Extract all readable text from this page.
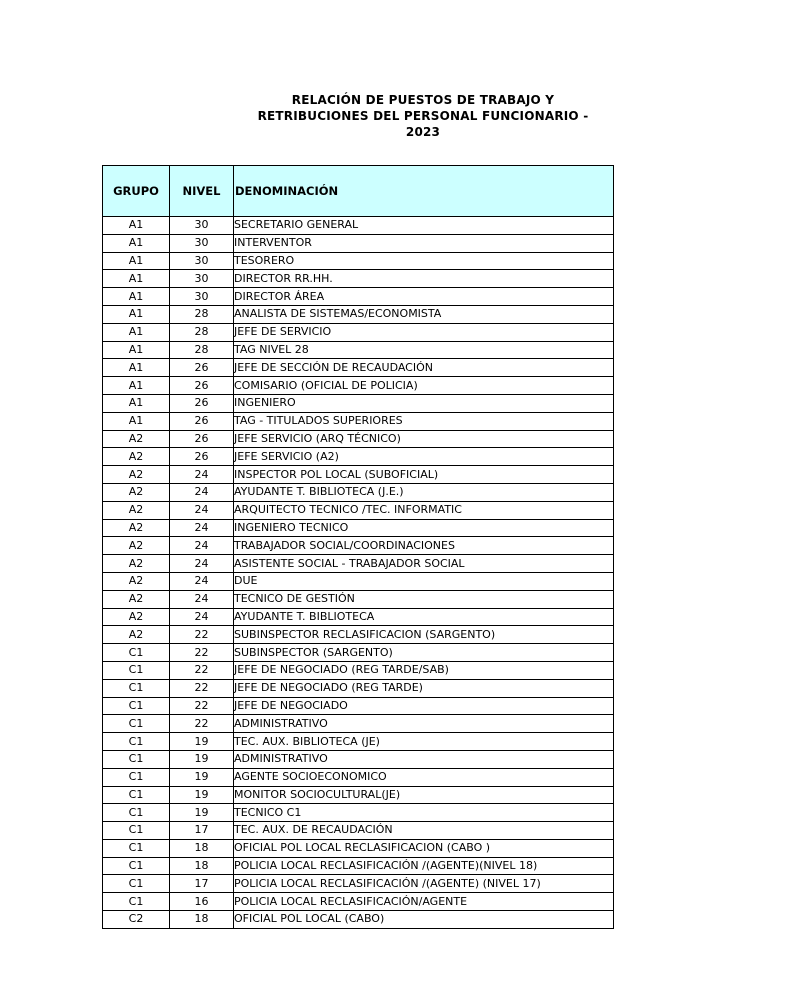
RELACIÓN DE PUESTOS DE TRABAJO Y
RETRIBUCIONES DEL PERSONAL FUNCIONARIO -
2023
GRUPO	NIVEL	DENOMINACIÓN
A1	30	SECRETARIO GENERAL
A1	30	INTERVENTOR
A1	30	TESORERO
A1	30	DIRECTOR RR.HH.
A1	30	DIRECTOR ÁREA
A1	28	ANALISTA DE SISTEMAS/ECONOMISTA
A1	28	JEFE DE SERVICIO
A1	28	TAG NIVEL 28
A1	26	JEFE DE SECCIÓN DE RECAUDACIÓN
A1	26	COMISARIO (OFICIAL DE POLICIA)
A1	26	INGENIERO
A1	26	TAG - TITULADOS SUPERIORES
A2	26	JEFE SERVICIO (ARQ TÉCNICO)
A2	26	JEFE SERVICIO (A2)
A2	24	INSPECTOR POL LOCAL (SUBOFICIAL)
A2	24	AYUDANTE T. BIBLIOTECA (J.E.)
A2	24	ARQUITECTO TECNICO /TEC. INFORMATIC
A2	24	INGENIERO TECNICO
A2	24	TRABAJADOR SOCIAL/COORDINACIONES
A2	24	ASISTENTE SOCIAL - TRABAJADOR SOCIAL
A2	24	DUE
A2	24	TECNICO DE GESTIÓN
A2	24	AYUDANTE T. BIBLIOTECA
A2	22	SUBINSPECTOR RECLASIFICACION (SARGENTO)
C1	22	SUBINSPECTOR (SARGENTO)
C1	22	JEFE DE NEGOCIADO (REG TARDE/SAB)
C1	22	JEFE DE NEGOCIADO (REG TARDE)
C1	22	JEFE DE NEGOCIADO
C1	22	ADMINISTRATIVO
C1	19	TEC. AUX. BIBLIOTECA (JE)
C1	19	ADMINISTRATIVO
C1	19	AGENTE SOCIOECONOMICO
C1	19	MONITOR SOCIOCULTURAL(JE)
C1	19	TECNICO C1
C1	17	TEC. AUX. DE RECAUDACIÓN
C1	18	OFICIAL POL LOCAL RECLASIFICACION (CABO )
C1	18	POLICIA LOCAL RECLASIFICACIÓN /(AGENTE)(NIVEL 18)
C1	17	POLICIA LOCAL RECLASIFICACIÓN /(AGENTE) (NIVEL 17)
C1	16	POLICIA LOCAL RECLASIFICACIÓN/AGENTE
C2	18	OFICIAL POL LOCAL (CABO)
